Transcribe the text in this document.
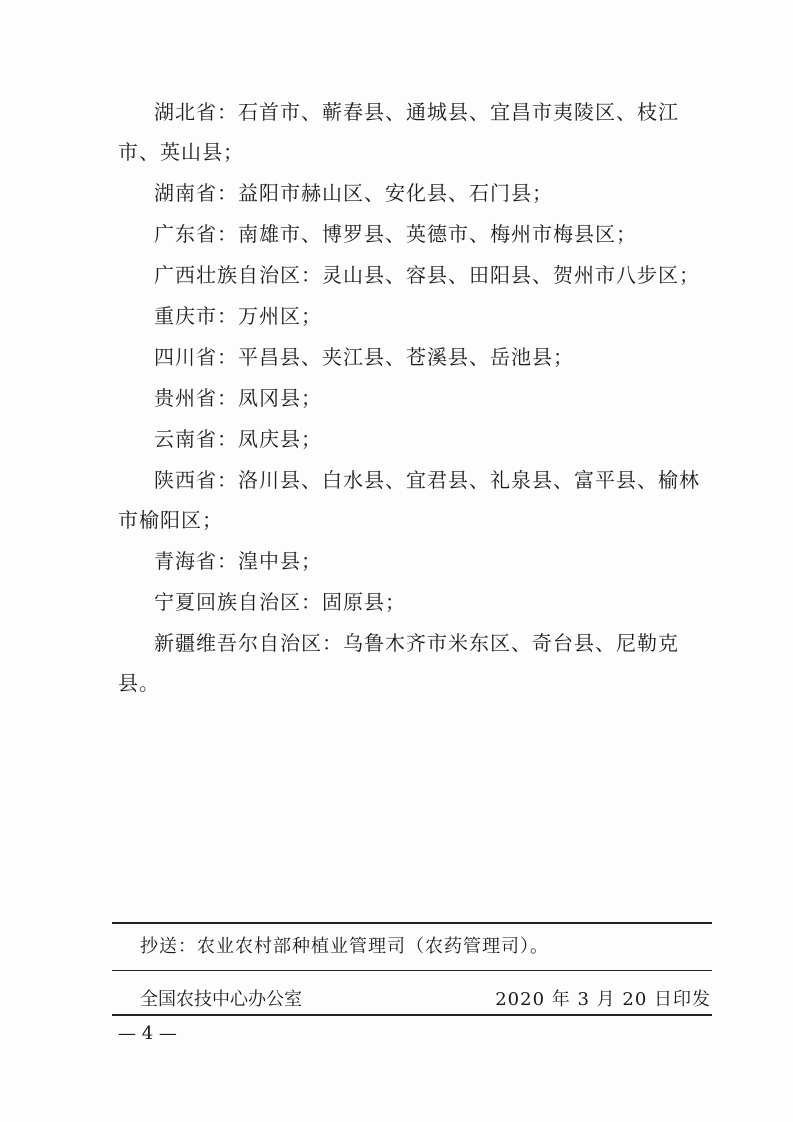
湖北省：石首市、蕲春县、通城县、宜昌市夷陵区、枝江市、英山县；

湖南省：益阳市赫山区、安化县、石门县；

广东省：南雄市、博罗县、英德市、梅州市梅县区；

广西壮族自治区：灵山县、容县、田阳县、贺州市八步区；

重庆市：万州区；

四川省：平昌县、夹江县、苍溪县、岳池县；

贵州省：凤冈县；

云南省：凤庆县；

陕西省：洛川县、白水县、宜君县、礼泉县、富平县、榆林市榆阳区；

青海省：湟中县；

宁夏回族自治区：固原县；

新疆维吾尔自治区：乌鲁木齐市米东区、奇台县、尼勒克县。

抄送：农业农村部种植业管理司（农药管理司）。
全国农技中心办公室	2020 年 3 月 20 日印发
— 4 —
